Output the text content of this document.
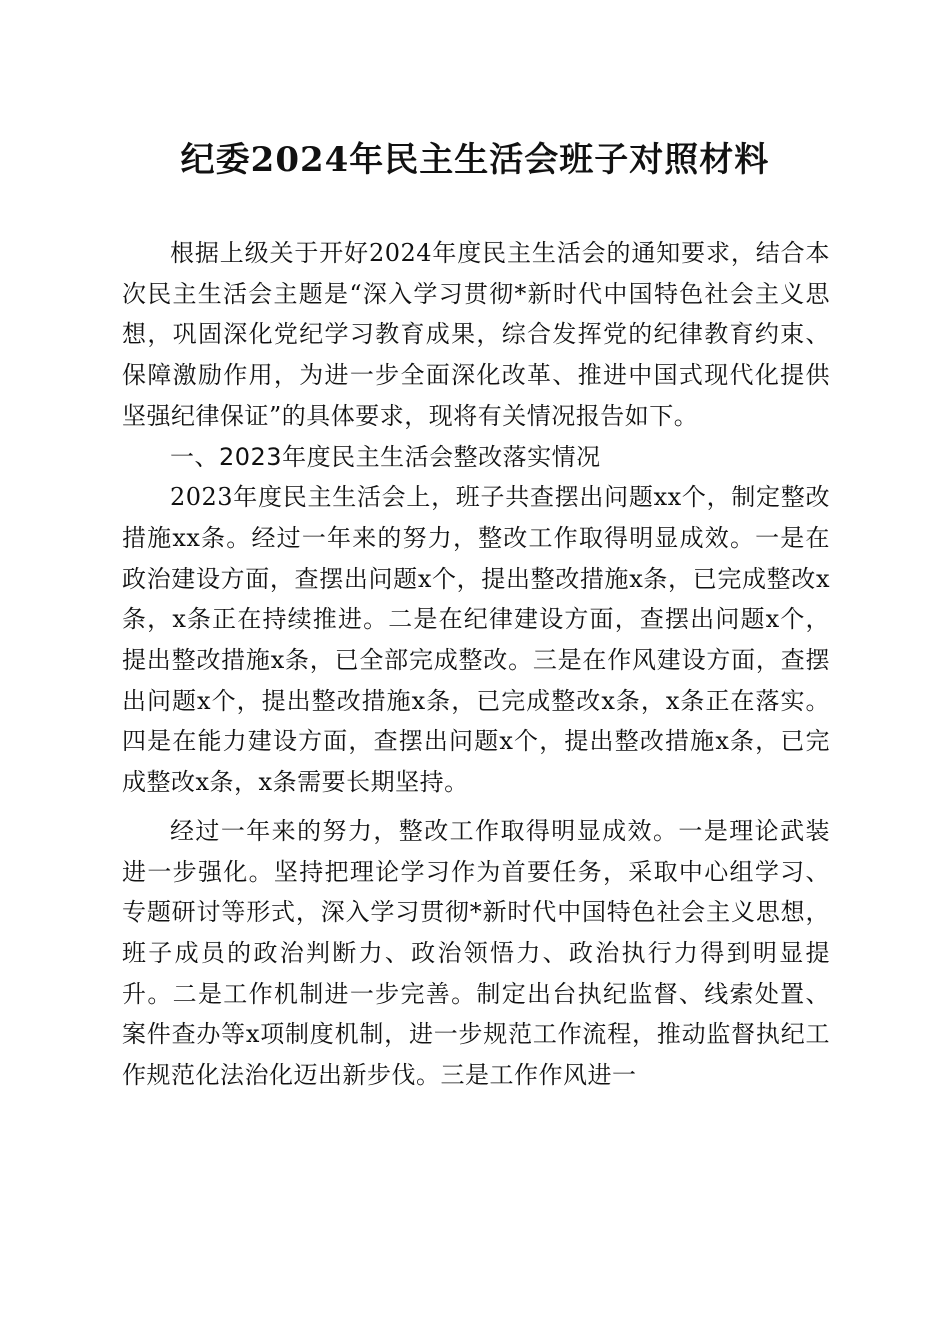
纪委2024年民主生活会班子对照材料

根据上级关于开好2024年度民主生活会的通知要求，结合本次民主生活会主题是“深入学习贯彻*新时代中国特色社会主义思想，巩固深化党纪学习教育成果，综合发挥党的纪律教育约束、保障激励作用，为进一步全面深化改革、推进中国式现代化提供坚强纪律保证”的具体要求，现将有关情况报告如下。

一、2023年度民主生活会整改落实情况

2023年度民主生活会上，班子共查摆出问题xx个，制定整改措施xx条。经过一年来的努力，整改工作取得明显成效。一是在政治建设方面，查摆出问题x个，提出整改措施x条，已完成整改x条，x条正在持续推进。二是在纪律建设方面，查摆出问题x个，提出整改措施x条，已全部完成整改。三是在作风建设方面，查摆出问题x个，提出整改措施x条，已完成整改x条，x条正在落实。四是在能力建设方面，查摆出问题x个，提出整改措施x条，已完成整改x条，x条需要长期坚持。

经过一年来的努力，整改工作取得明显成效。一是理论武装进一步强化。坚持把理论学习作为首要任务，采取中心组学习、专题研讨等形式，深入学习贯彻*新时代中国特色社会主义思想，班子成员的政治判断力、政治领悟力、政治执行力得到明显提升。二是工作机制进一步完善。制定出台执纪监督、线索处置、案件查办等x项制度机制，进一步规范工作流程，推动监督执纪工作规范化法治化迈出新步伐。三是工作作风进一
